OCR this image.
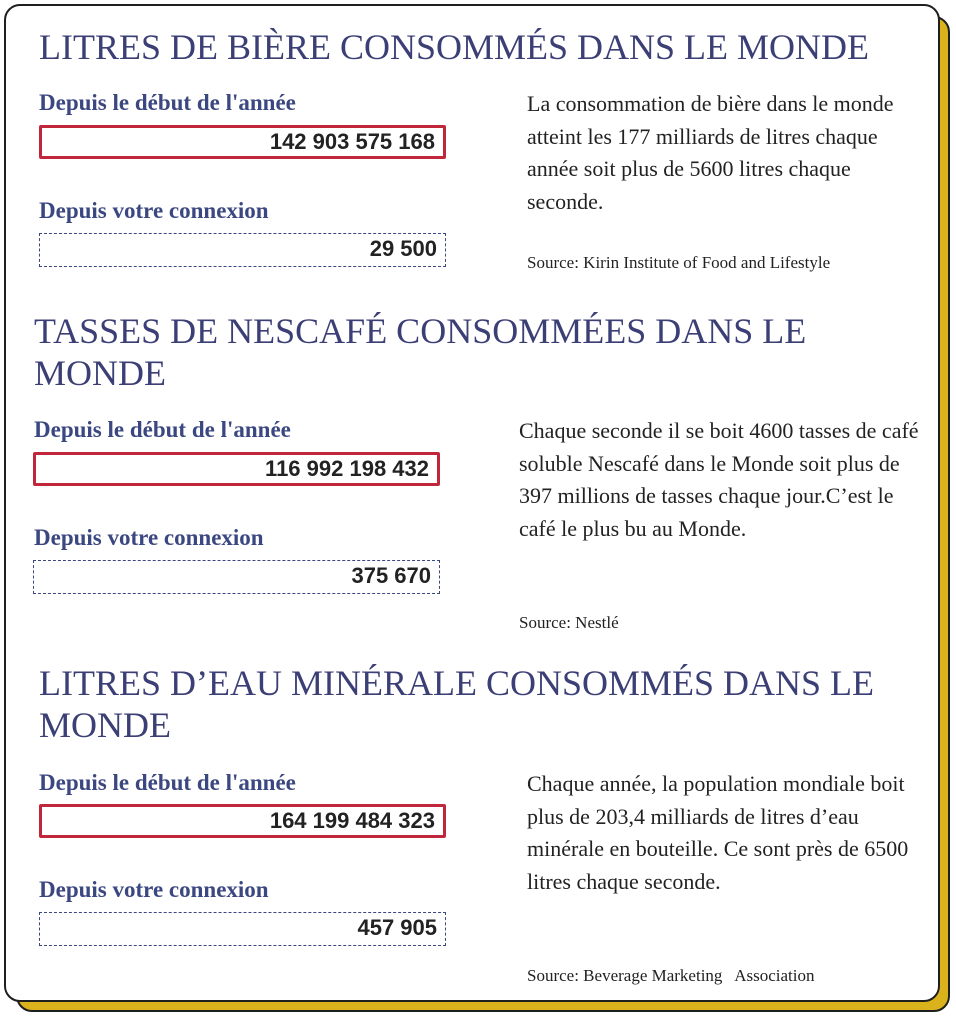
LITRES DE BIÈRE CONSOMMÉS DANS LE MONDE
Depuis le début de l'année
142 903 575 168
Depuis votre connexion
29 500
La consommation de bière dans le monde atteint les 177 milliards de litres chaque année soit plus de 5600 litres chaque seconde.
Source: Kirin Institute of Food and Lifestyle
TASSES DE NESCAFÉ CONSOMMÉES DANS LE MONDE
Depuis le début de l'année
116 992 198 432
Depuis votre connexion
375 670
Chaque seconde il se boit 4600 tasses de café soluble Nescafé dans le Monde soit plus de 397 millions de tasses chaque jour.C’est le café le plus bu au Monde.
Source: Nestlé
LITRES D’EAU MINÉRALE CONSOMMÉS DANS LE MONDE
Depuis le début de l'année
164 199 484 323
Depuis votre connexion
457 905
Chaque année, la population mondiale boit plus de 203,4 milliards de litres d’eau minérale en bouteille. Ce sont près de 6500 litres chaque seconde.
Source: Beverage Marketing   Association
